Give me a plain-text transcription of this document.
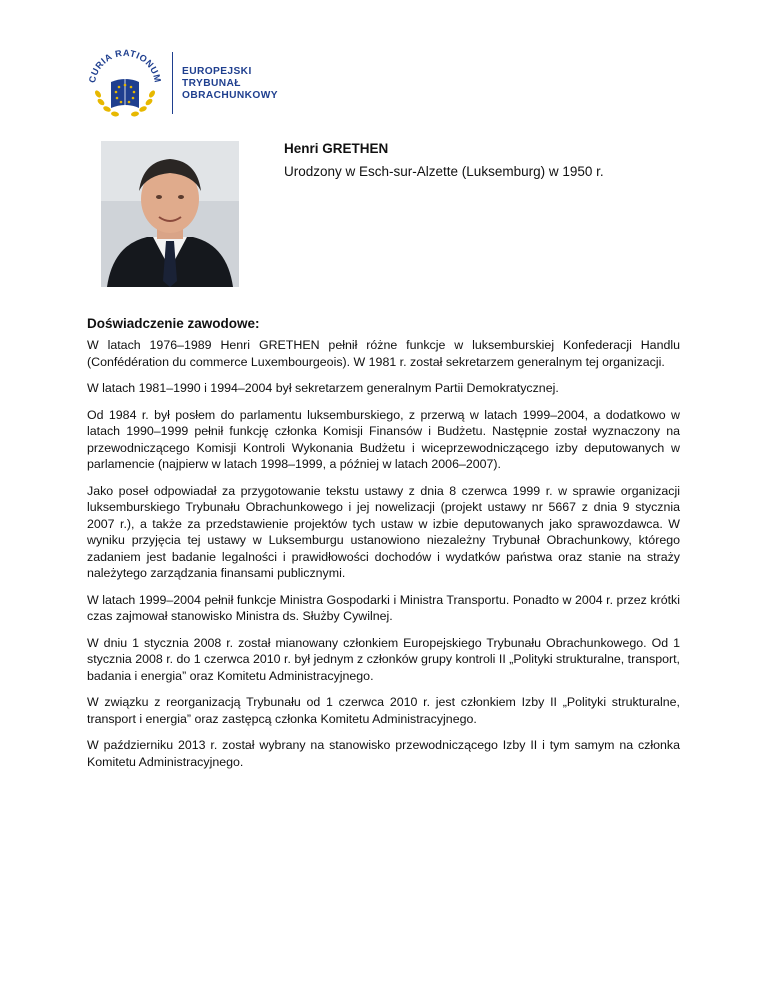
CURIA RATIONUM
EUROPEJSKI
TRYBUNAŁ
OBRACHUNKOWY
Henri GRETHEN
Urodzony w Esch-sur-Alzette (Luksemburg) w 1950 r.
Doświadczenie zawodowe:

W latach 1976–1989 Henri GRETHEN pełnił różne funkcje w luksemburskiej Konfederacji Handlu (Confédération du commerce Luxembourgeois). W 1981 r. został sekretarzem generalnym tej organizacji.

W latach 1981–1990 i 1994–2004 był sekretarzem generalnym Partii Demokratycznej.

Od 1984 r. był posłem do parlamentu luksemburskiego, z przerwą w latach 1999–2004, a dodatkowo w latach 1990–1999 pełnił funkcję członka Komisji Finansów i Budżetu. Następnie został wyznaczony na przewodniczącego Komisji Kontroli Wykonania Budżetu i wiceprzewodniczącego izby deputowanych w parlamencie (najpierw w latach 1998–1999, a później w latach 2006–2007).

Jako poseł odpowiadał za przygotowanie tekstu ustawy z dnia 8 czerwca 1999 r. w sprawie organizacji luksemburskiego Trybunału Obrachunkowego i jej nowelizacji (projekt ustawy nr 5667 z dnia 9 stycznia 2007 r.), a także za przedstawienie projektów tych ustaw w izbie deputowanych jako sprawozdawca. W wyniku przyjęcia tej ustawy w Luksemburgu ustanowiono niezależny Trybunał Obrachunkowy, którego zadaniem jest badanie legalności i prawidłowości dochodów i wydatków państwa oraz stanie na straży należytego zarządzania finansami publicznymi.

W latach 1999–2004 pełnił funkcje Ministra Gospodarki i Ministra Transportu. Ponadto w 2004 r. przez krótki czas zajmował stanowisko Ministra ds. Służby Cywilnej.

W dniu 1 stycznia 2008 r. został mianowany członkiem Europejskiego Trybunału Obrachunkowego. Od 1 stycznia 2008 r. do 1 czerwca 2010 r. był jednym z członków grupy kontroli II „Polityki strukturalne, transport, badania i energia” oraz Komitetu Administracyjnego.

W związku z reorganizacją Trybunału od 1 czerwca 2010 r. jest członkiem Izby II „Polityki strukturalne, transport i energia” oraz zastępcą członka Komitetu Administracyjnego.

W październiku 2013 r. został wybrany na stanowisko przewodniczącego Izby II i tym samym na członka Komitetu Administracyjnego.
